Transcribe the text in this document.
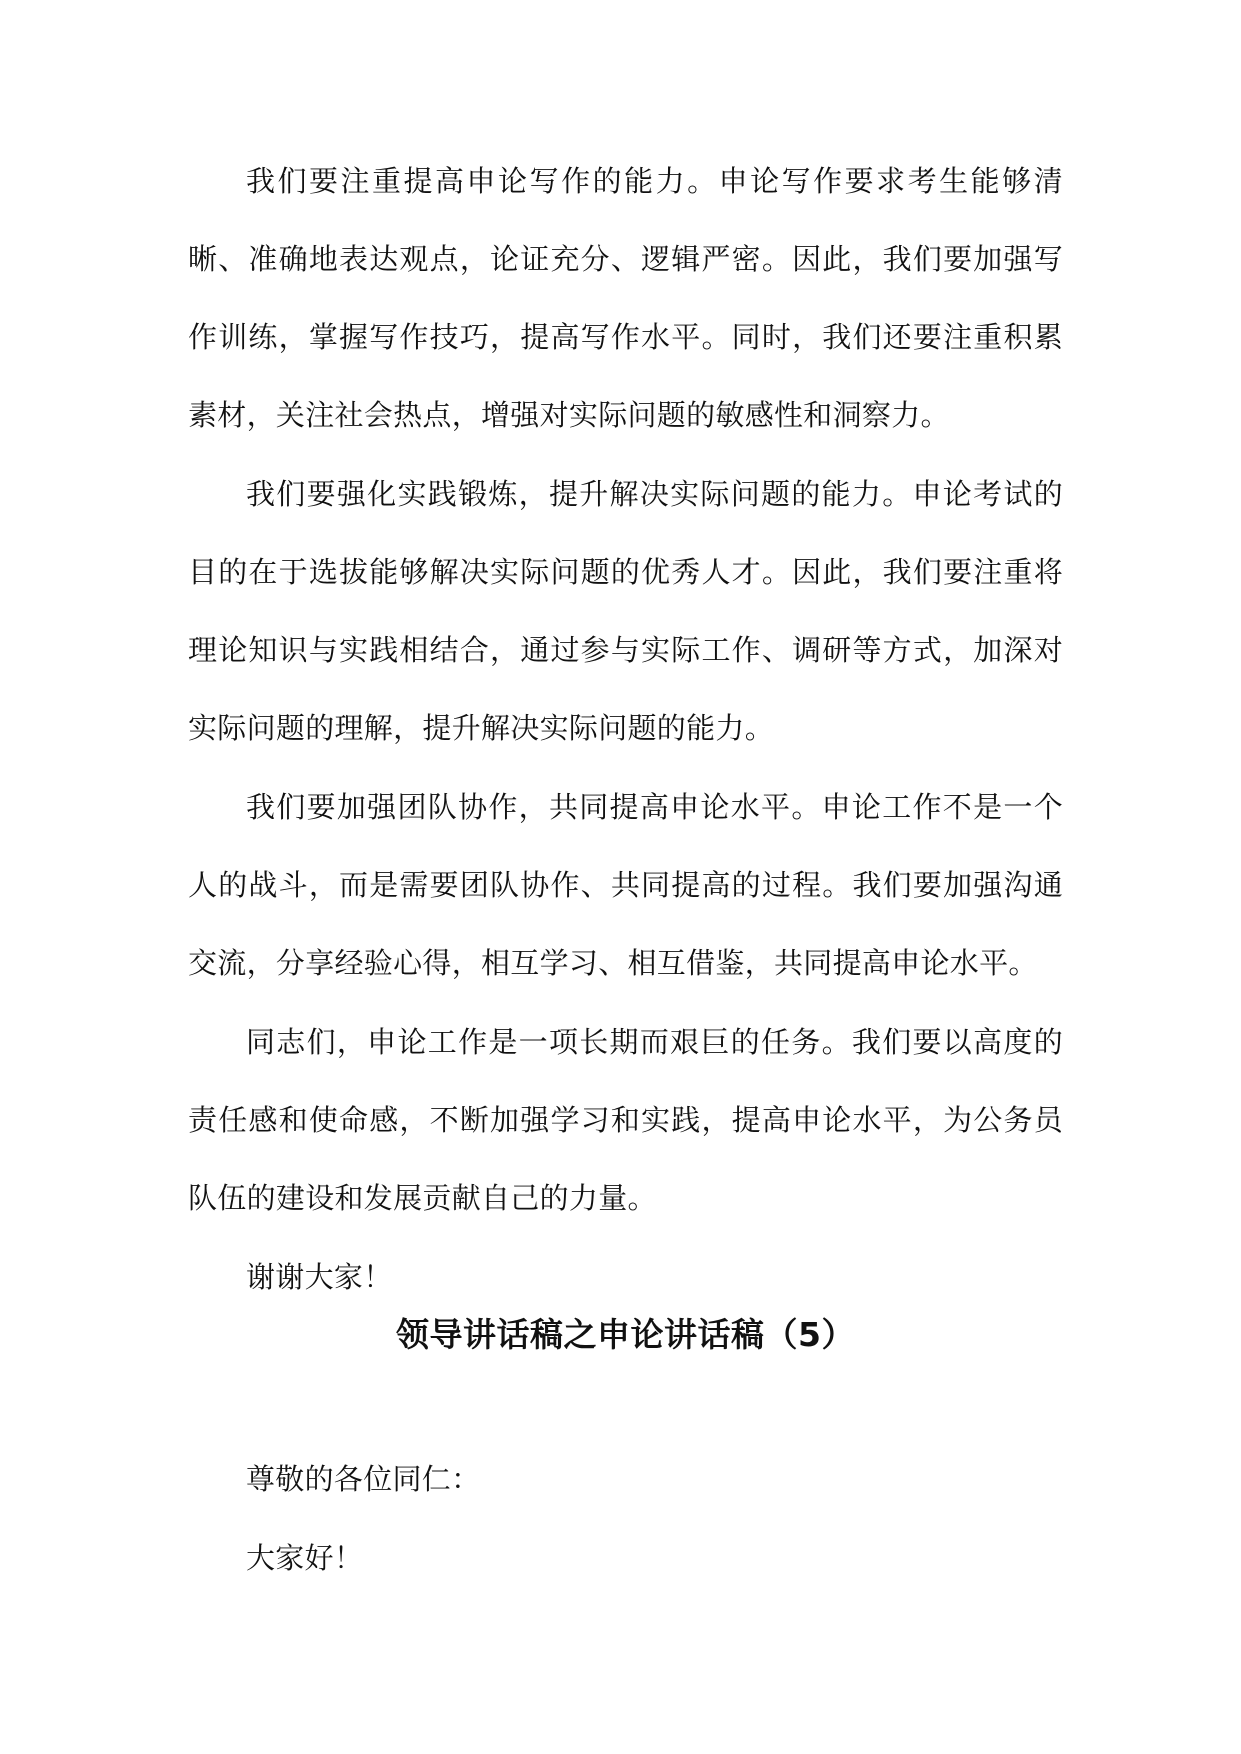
我们要注重提高申论写作的能力。申论写作要求考生能够清晰、准确地表达观点，论证充分、逻辑严密。因此，我们要加强写作训练，掌握写作技巧，提高写作水平。同时，我们还要注重积累素材，关注社会热点，增强对实际问题的敏感性和洞察力。

我们要强化实践锻炼，提升解决实际问题的能力。申论考试的目的在于选拔能够解决实际问题的优秀人才。因此，我们要注重将理论知识与实践相结合，通过参与实际工作、调研等方式，加深对实际问题的理解，提升解决实际问题的能力。

我们要加强团队协作，共同提高申论水平。申论工作不是一个人的战斗，而是需要团队协作、共同提高的过程。我们要加强沟通交流，分享经验心得，相互学习、相互借鉴，共同提高申论水平。

同志们，申论工作是一项长期而艰巨的任务。我们要以高度的责任感和使命感，不断加强学习和实践，提高申论水平，为公务员队伍的建设和发展贡献自己的力量。

谢谢大家！

领导讲话稿之申论讲话稿（5）

尊敬的各位同仁：

大家好！
